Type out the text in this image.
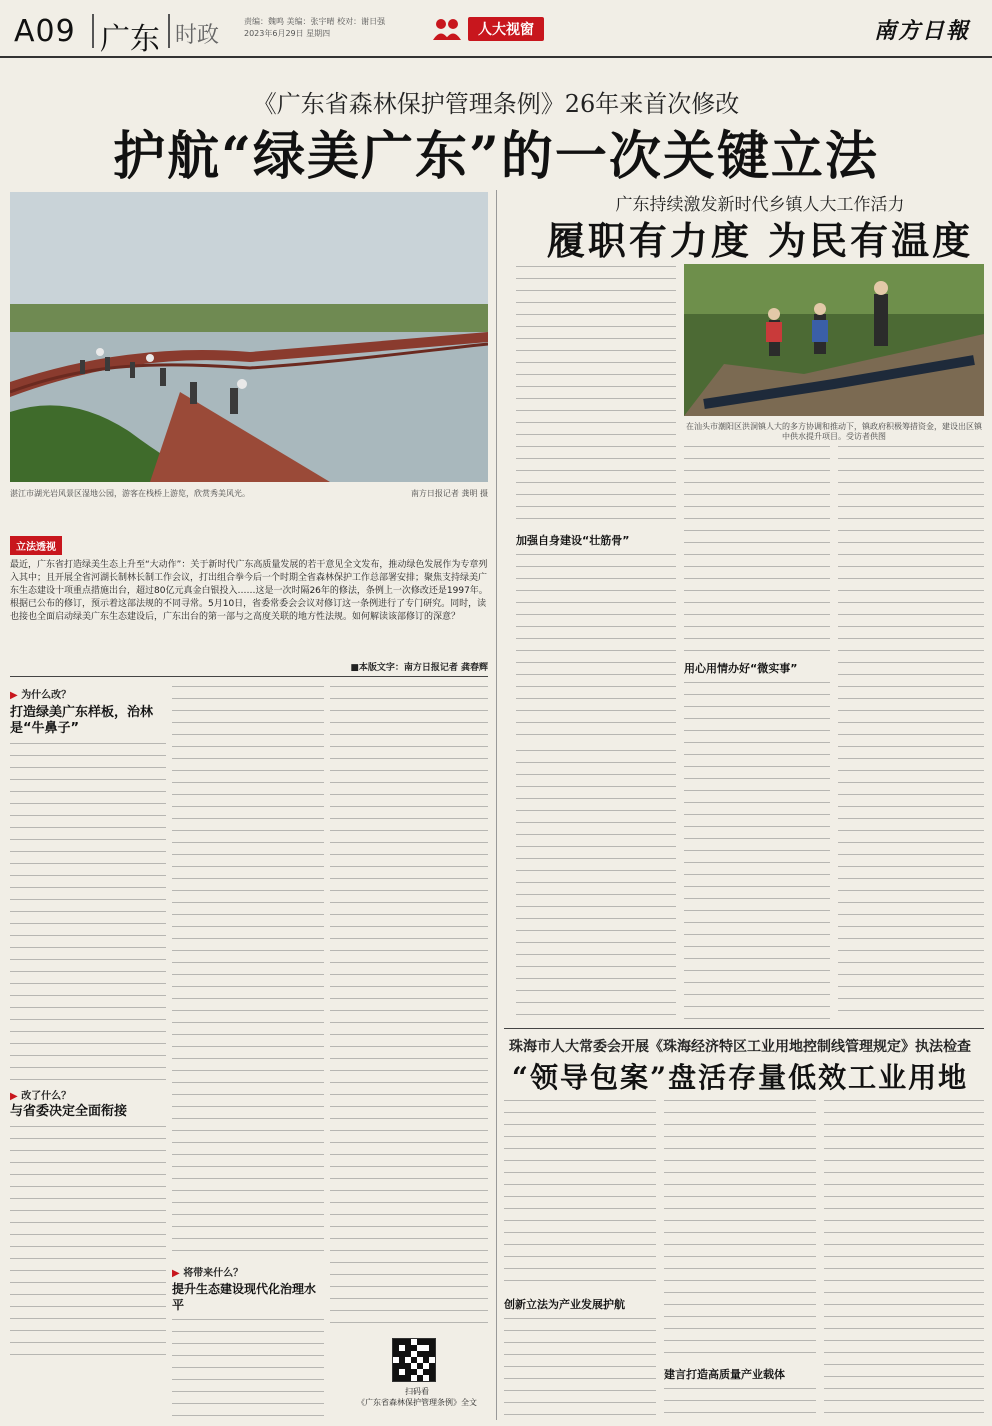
A09 广东 时政
责编：魏鸣 美编：张宇晴 校对：谢日强
2023年6月29日 星期四	人大视窗	南方日報
《广东省森林保护管理条例》26年来首次修改
护航“绿美广东”的一次关键立法
湛江市湖光岩风景区湿地公园，游客在栈桥上游览，欣赏秀美风光。	南方日报记者 龚明 摄
立法透视
最近，广东省打造绿美生态上升至“大动作”：关于新时代广东高质量发展的若干意见全文发布，推动绿色发展作为专章列入其中；且开展全省河湖长制林长制工作会议，打出组合拳今后一个时期全省森林保护工作总部署安排；聚焦支持绿美广东生态建设十项重点措施出台，超过80亿元真金白银投入……这是一次时隔26年的修法，条例上一次修改还是1997年。根据已公布的修订，预示着这部法规的不同寻常。5月10日，省委常委会会议对修订这一条例进行了专门研究。同时，读也接也全面启动绿美广东生态建设后，广东出台的第一部与之高度关联的地方性法规。如何解读该部修订的深意？
■本版文字：南方日报记者 龚春辉
▶ 为什么改？
打造绿美广东样板，治林是“牛鼻子”
▶ 改了什么？
与省委决定全面衔接
▶ 将带来什么？
提升生态建设现代化治理水平
扫码看
《广东省森林保护管理条例》全文
广东持续激发新时代乡镇人大工作活力
履职有力度 为民有温度
在汕头市潮阳区洪洞镇人大的多方协调和推动下，镇政府积极筹措资金，建设出区镇中供水提升项目。受访者供图
加强自身建设“壮筋骨”
用心用情办好“微实事”
珠海市人大常委会开展《珠海经济特区工业用地控制线管理规定》执法检查
“领导包案”盘活存量低效工业用地
创新立法为产业发展护航
建言打造高质量产业载体
